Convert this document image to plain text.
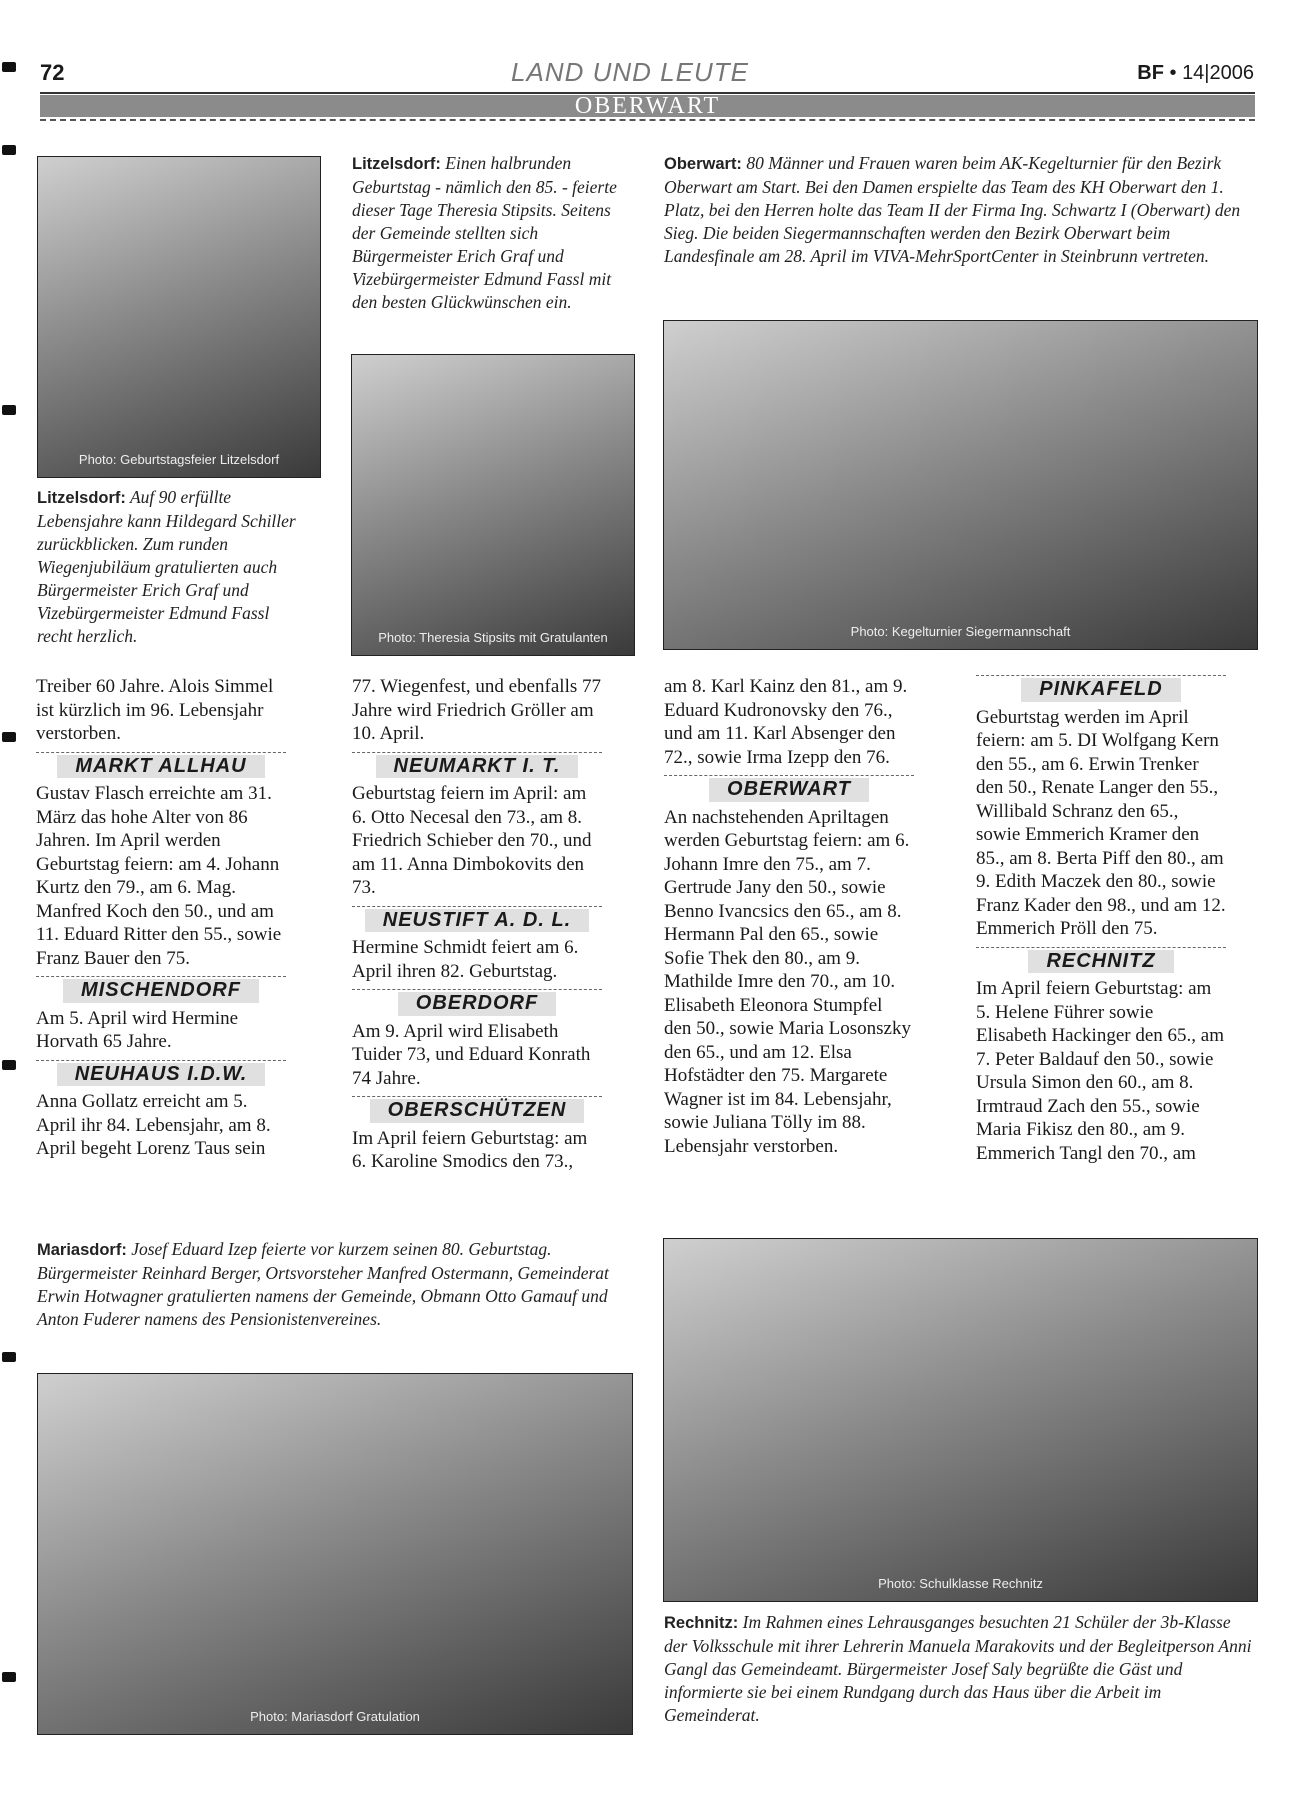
72	LAND UND LEUTE	BF • 14|2006
OBERWART
Photo: Geburtstagsfeier Litzelsdorf
Photo: Theresia Stipsits mit Gratulanten	Photo: Kegelturnier Siegermannschaft
Litzelsdorf: Einen halbrunden Geburtstag - nämlich den 85. - feierte dieser Tage Theresia Stipsits. Seitens der Gemeinde stellten sich Bürgermeister Erich Graf und Vizebürgermeister Edmund Fassl mit den besten Glückwünschen ein.
Oberwart: 80 Männer und Frauen waren beim AK-Kegelturnier für den Bezirk Oberwart am Start. Bei den Damen erspielte das Team des KH Oberwart den 1. Platz, bei den Herren holte das Team II der Firma Ing. Schwartz I (Oberwart) den Sieg. Die beiden Siegermannschaften werden den Bezirk Oberwart beim Landesfinale am 28. April im VIVA-MehrSportCenter in Steinbrunn vertreten.
Litzelsdorf: Auf 90 erfüllte Lebensjahre kann Hildegard Schiller zurückblicken. Zum runden Wiegenjubiläum gratulierten auch Bürgermeister Erich Graf und Vizebürgermeister Edmund Fassl recht herzlich.

Treiber 60 Jahre. Alois Simmel ist kürzlich im 96. Lebensjahr verstorben.

MARKT ALLHAU

Gustav Flasch erreichte am 31. März das hohe Alter von 86 Jahren. Im April werden Geburtstag feiern: am 4. Johann Kurtz den 79., am 6. Mag. Manfred Koch den 50., und am 11. Eduard Ritter den 55., sowie Franz Bauer den 75.

MISCHENDORF

Am 5. April wird Hermine Horvath 65 Jahre.

NEUHAUS I.D.W.

Anna Gollatz erreicht am 5. April ihr 84. Lebensjahr, am 8. April begeht Lorenz Taus sein

77. Wiegenfest, und ebenfalls 77 Jahre wird Friedrich Gröller am 10. April.

NEUMARKT I. T.

Geburtstag feiern im April: am 6. Otto Necesal den 73., am 8. Friedrich Schieber den 70., und am 11. Anna Dimbokovits den 73.

NEUSTIFT A. D. L.

Hermine Schmidt feiert am 6. April ihren 82. Geburtstag.

OBERDORF

Am 9. April wird Elisabeth Tuider 73, und Eduard Konrath 74 Jahre.

OBERSCHÜTZEN

Im April feiern Geburtstag: am 6. Karoline Smodics den 73.,

am 8. Karl Kainz den 81., am 9. Eduard Kudronovsky den 76., und am 11. Karl Absenger den 72., sowie Irma Izepp den 76.

OBERWART

An nachstehenden Apriltagen werden Geburtstag feiern: am 6. Johann Imre den 75., am 7. Gertrude Jany den 50., sowie Benno Ivancsics den 65., am 8. Hermann Pal den 65., sowie Sofie Thek den 80., am 9. Mathilde Imre den 70., am 10. Elisabeth Eleonora Stumpfel den 50., sowie Maria Losonszky den 65., und am 12. Elsa Hofstädter den 75. Margarete Wagner ist im 84. Lebensjahr, sowie Juliana Tölly im 88. Lebensjahr verstorben.

PINKAFELD

Geburtstag werden im April feiern: am 5. DI Wolfgang Kern den 55., am 6. Erwin Trenker den 50., Renate Langer den 55., Willibald Schranz den 65., sowie Emmerich Kramer den 85., am 8. Berta Piff den 80., am 9. Edith Maczek den 80., sowie Franz Kader den 98., und am 12. Emmerich Pröll den 75.

RECHNITZ

Im April feiern Geburtstag: am 5. Helene Führer sowie Elisabeth Hackinger den 65., am 7. Peter Baldauf den 50., sowie Ursula Simon den 60., am 8. Irmtraud Zach den 55., sowie Maria Fikisz den 80., am 9. Emmerich Tangl den 70., am

Mariasdorf: Josef Eduard Izep feierte vor kurzem seinen 80. Geburtstag. Bürgermeister Reinhard Berger, Ortsvorsteher Manfred Ostermann, Gemeinderat Erwin Hotwagner gratulierten namens der Gemeinde, Obmann Otto Gamauf und Anton Fuderer namens des Pensionistenvereines.
Photo: Mariasdorf Gratulation
Photo: Schulklasse Rechnitz
Rechnitz: Im Rahmen eines Lehrausganges besuchten 21 Schüler der 3b-Klasse der Volksschule mit ihrer Lehrerin Manuela Marakovits und der Begleitperson Anni Gangl das Gemeindeamt. Bürgermeister Josef Saly begrüßte die Gäst und informierte sie bei einem Rundgang durch das Haus über die Arbeit im Gemeinderat.
